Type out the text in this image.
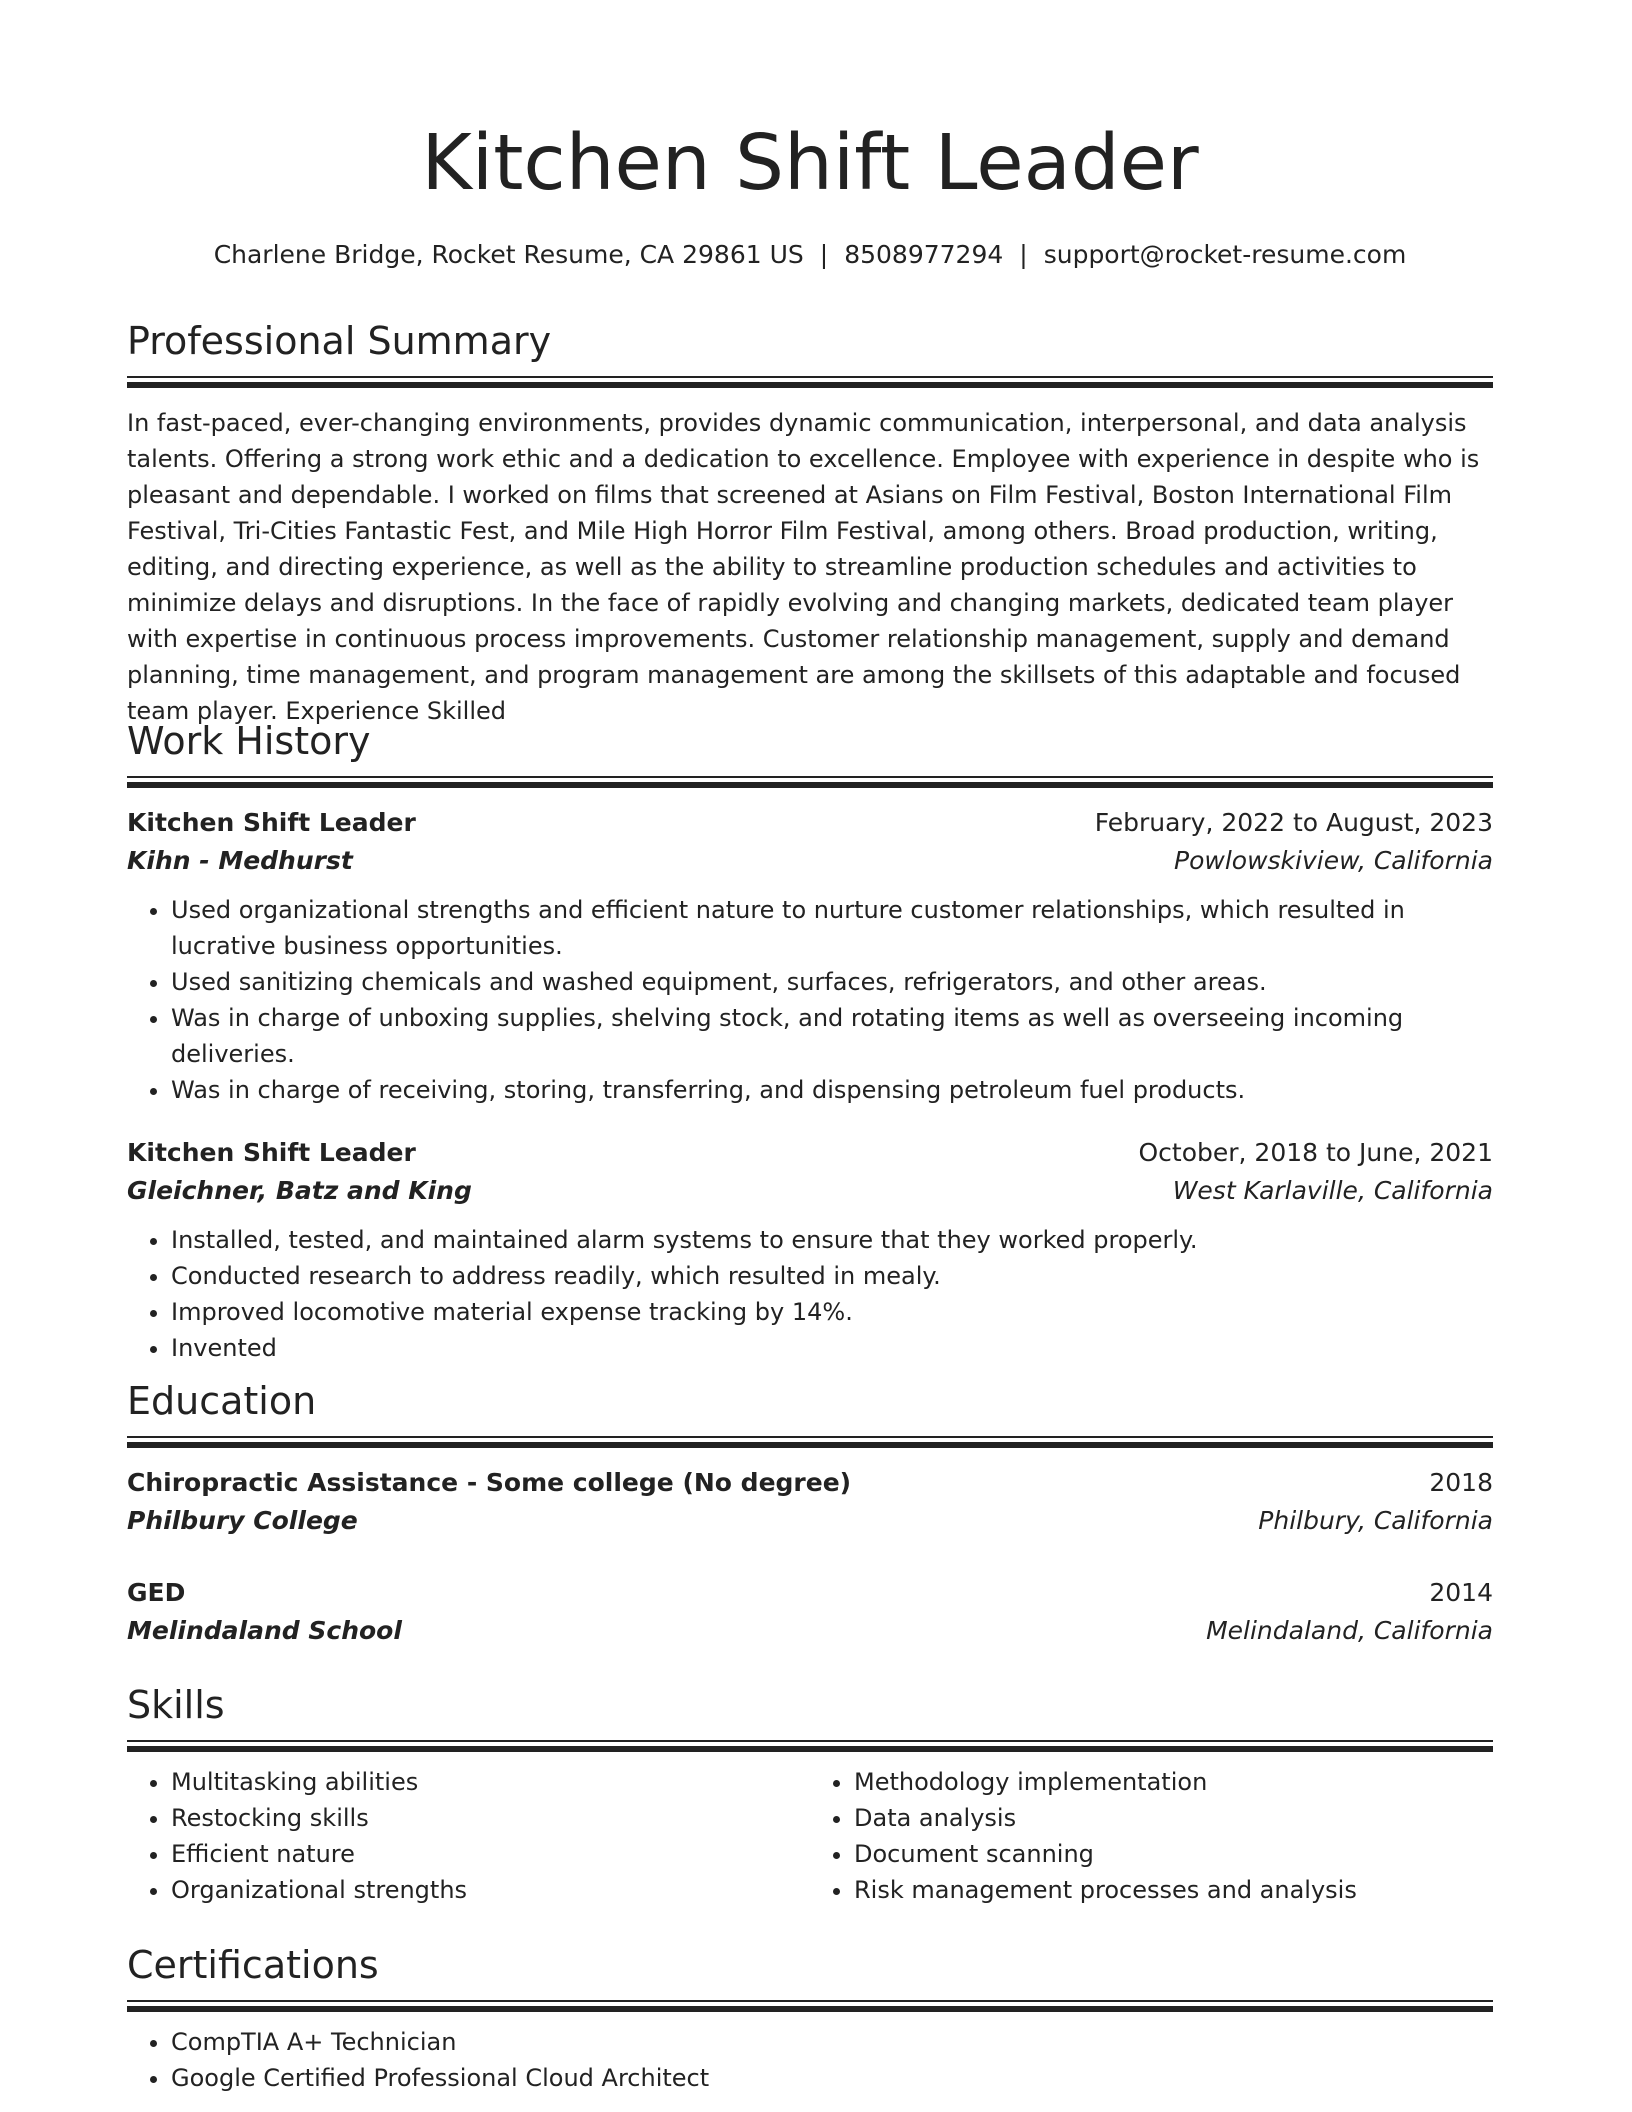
Kitchen Shift Leader
Charlene Bridge, Rocket Resume, CA 29861 US | 8508977294 | support@rocket-resume.com
Professional Summary

In fast-paced, ever-changing environments, provides dynamic communication, interpersonal, and data analysis talents. Offering a strong work ethic and a dedication to excellence. Employee with experience in despite who is pleasant and dependable. I worked on films that screened at Asians on Film Festival, Boston International Film Festival, Tri-Cities Fantastic Fest, and Mile High Horror Film Festival, among others. Broad production, writing, editing, and directing experience, as well as the ability to streamline production schedules and activities to minimize delays and disruptions. In the face of rapidly evolving and changing markets, dedicated team player with expertise in continuous process improvements. Customer relationship management, supply and demand planning, time management, and program management are among the skillsets of this adaptable and focused team player. Experience Skilled

Work History
Kitchen Shift Leader	February, 2022 to August, 2023
Kihn - Medhurst	Powlowskiview, California
• Used organizational strengths and efficient nature to nurture customer relationships, which resulted in lucrative business opportunities.
• Used sanitizing chemicals and washed equipment, surfaces, refrigerators, and other areas.
• Was in charge of unboxing supplies, shelving stock, and rotating items as well as overseeing incoming deliveries.
• Was in charge of receiving, storing, transferring, and dispensing petroleum fuel products.
Kitchen Shift Leader	October, 2018 to June, 2021
Gleichner, Batz and King	West Karlaville, California
• Installed, tested, and maintained alarm systems to ensure that they worked properly.
• Conducted research to address readily, which resulted in mealy.
• Improved locomotive material expense tracking by 14%.
• Invented
Education
Chiropractic Assistance - Some college (No degree)	2018
Philbury College	Philbury, California
GED	2014
Melindaland School	Melindaland, California
Skills
• Multitasking abilities
• Restocking skills
• Efficient nature
• Organizational strengths
• Methodology implementation
• Data analysis
• Document scanning
• Risk management processes and analysis
Certifications
• CompTIA A+ Technician
• Google Certified Professional Cloud Architect
